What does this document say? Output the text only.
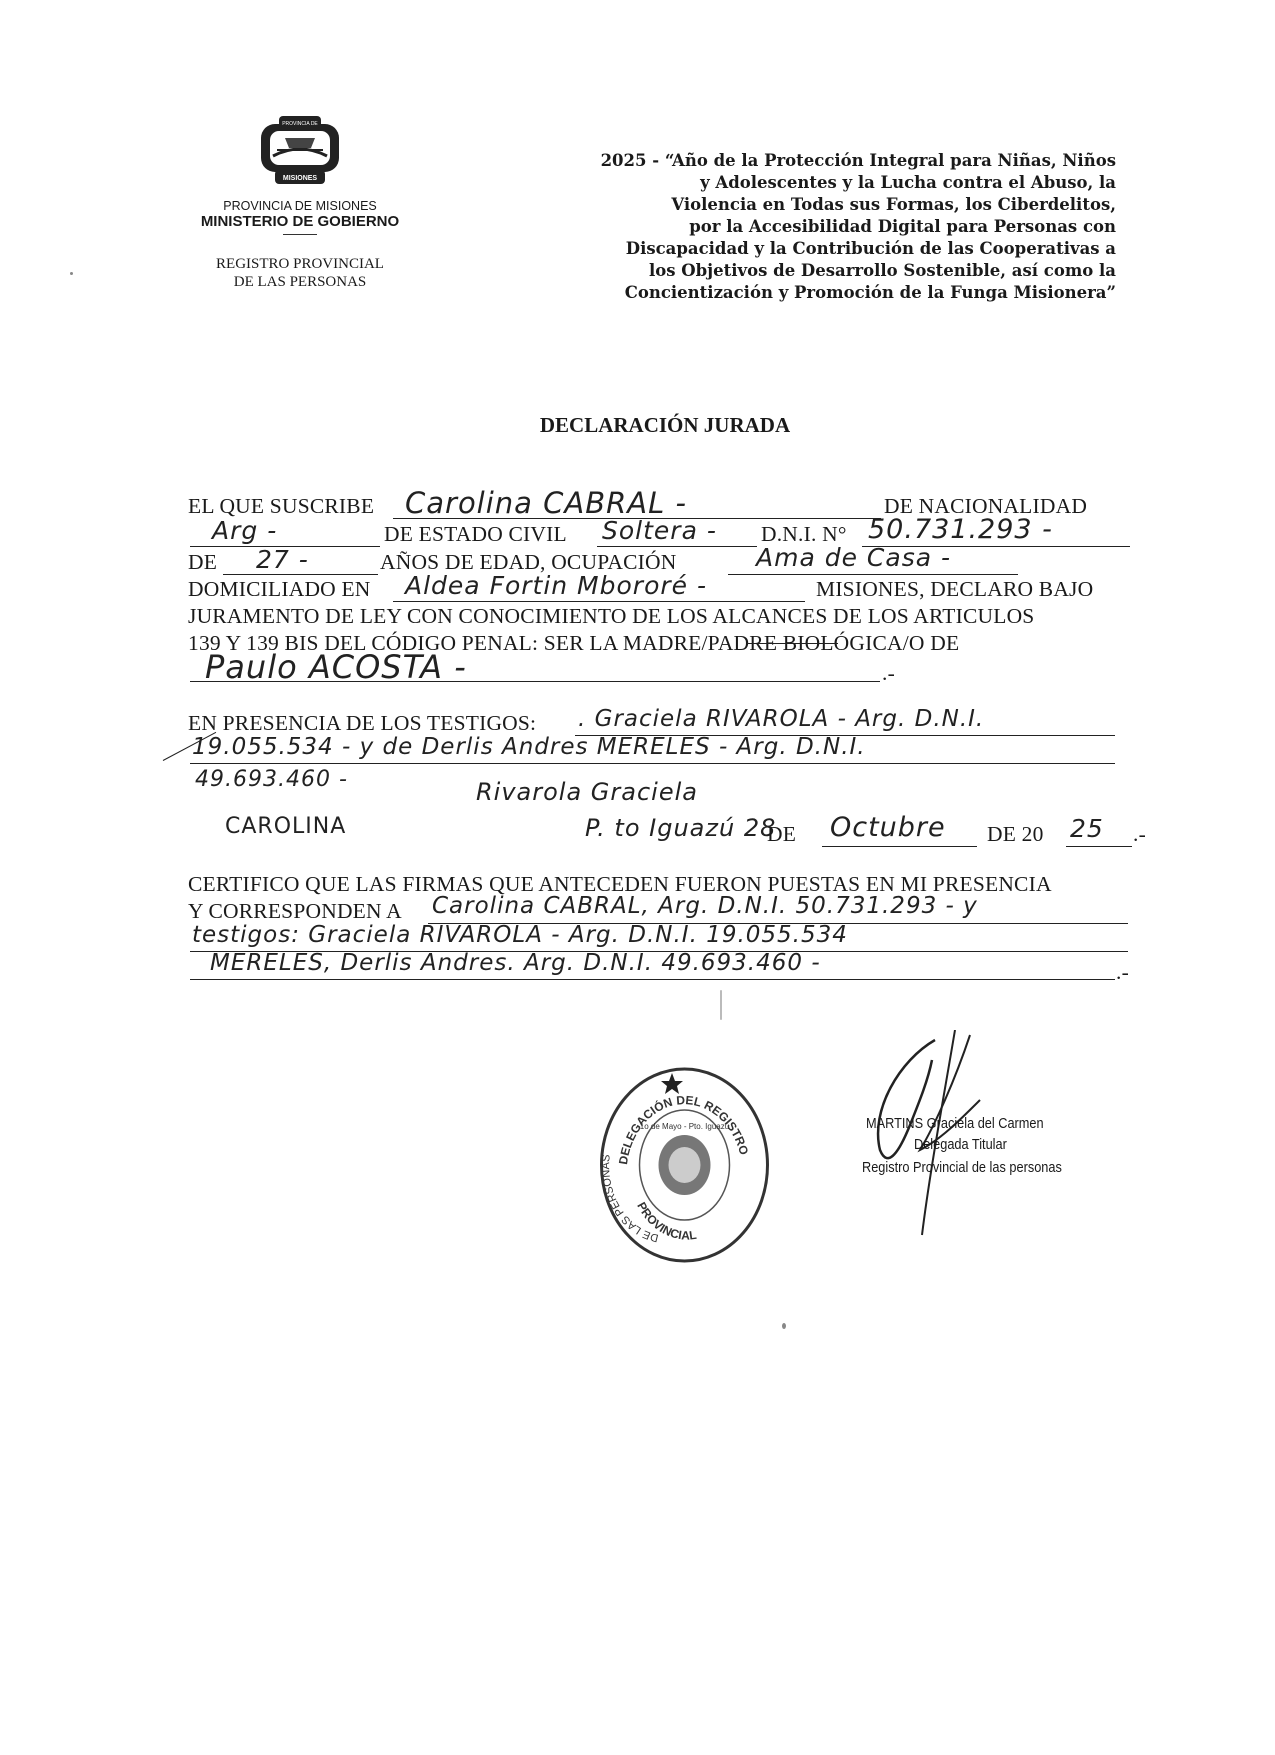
MISIONES
PROVINCIA DE
PROVINCIA DE MISIONES
MINISTERIO DE GOBIERNO
REGISTRO PROVINCIAL
DE LAS PERSONAS
2025 - “Año de la Protección Integral para Niñas, Niños
y Adolescentes y la Lucha contra el Abuso, la
Violencia en Todas sus Formas, los Ciberdelitos,
por la Accesibilidad Digital para Personas con
Discapacidad y la Contribución de las Cooperativas a
los Objetivos de Desarrollo Sostenible, así como la
Concientización y Promoción de la Funga Misionera”
DECLARACIÓN JURADA
EL QUE SUSCRIBE Carolina CABRAL -	DE NACIONALIDAD
Arg -	DE ESTADO CIVIL Soltera - D.N.I. N° 50.731.293 -
DE 27 -	AÑOS DE EDAD, OCUPACIÓN	Ama de Casa -
DOMICILIADO EN Aldea Fortin Mbororé -	MISIONES, DECLARO BAJO
JURAMENTO DE LEY CON CONOCIMIENTO DE LOS ALCANCES DE LOS ARTICULOS
139 Y 139 BIS DEL CÓDIGO PENAL: SER LA MADRE/PADRE BIOLÓGICA/O DE
Paulo ACOSTA -	.-
EN PRESENCIA DE LOS TESTIGOS: . Graciela RIVAROLA - Arg. D.N.I.
19.055.534 - y de Derlis Andres MERELES - Arg. D.N.I.
49.693.460 -
CAROLINA
Rivarola Graciela
P. to Iguazú 28
DE Octubre DE 20 25 .-
CERTIFICO QUE LAS FIRMAS QUE ANTECEDEN FUERON PUESTAS EN MI PRESENCIA
Y CORRESPONDEN A Carolina CABRAL, Arg. D.N.I. 50.731.293 - y
testigos: Graciela RIVAROLA - Arg. D.N.I. 19.055.534
MERELES, Derlis Andres. Arg. D.N.I. 49.693.460 -	.-
DELEGACIÓN DEL REGISTRO
DE LAS PERSONAS
PROVINCIAL
1o de Mayo - Pto. Iguazú	MARTINS Graciela del Carmen
Delegada Titular
Registro Provincial de las personas
